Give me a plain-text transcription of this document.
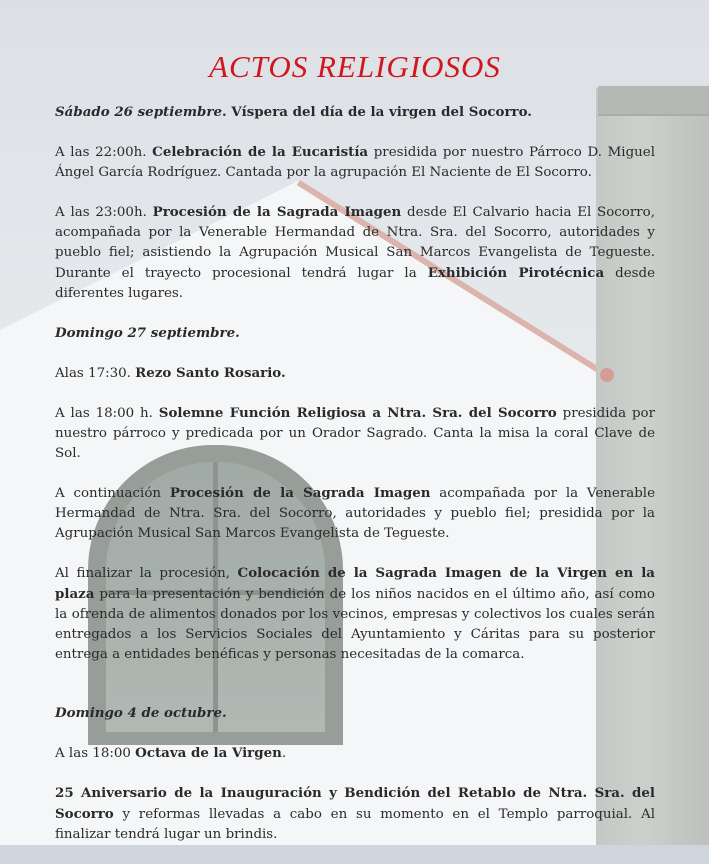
ACTOS RELIGIOSOS

Sábado 26 septiembre. Víspera del día de la virgen del Socorro.

A las 22:00h. Celebración de la Eucaristía presidida por nuestro Párroco D. Miguel Ángel García Rodríguez. Cantada por la agrupación El Naciente de El Socorro.

A las 23:00h. Procesión de la Sagrada Imagen desde El Calvario hacia El Socorro, acompañada por la Venerable Hermandad de Ntra. Sra. del Socorro, autoridades y pueblo fiel; asistiendo la Agrupación Musical San Marcos Evangelista de Tegueste. Durante el trayecto procesional tendrá lugar la Exhibición Pirotécnica desde diferentes lugares.

Domingo 27 septiembre.

Alas 17:30. Rezo Santo Rosario.

A las 18:00 h. Solemne Función Religiosa a Ntra. Sra. del Socorro presidida por nuestro párroco y predicada por un Orador Sagrado. Canta la misa la coral Clave de Sol.

A continuación Procesión de la Sagrada Imagen acompañada por la Venerable Hermandad de Ntra. Sra. del Socorro, autoridades y pueblo fiel; presidida por la Agrupación Musical San Marcos Evangelista de Tegueste.

Al finalizar la procesión, Colocación de la Sagrada Imagen de la Virgen en la plaza para la presentación y bendición de los niños nacidos en el último año, así como la ofrenda de alimentos donados por los vecinos, empresas y colectivos los cuales serán entregados a los Servicios Sociales del Ayuntamiento y Cáritas para su posterior entrega a entidades benéficas y personas necesitadas de la comarca.

Domingo 4 de octubre.

A las 18:00 Octava de la Virgen.

25 Aniversario de la Inauguración y Bendición del Retablo de Ntra. Sra. del Socorro y reformas llevadas a cabo en su momento en el Templo parroquial. Al finalizar tendrá lugar un brindis.
